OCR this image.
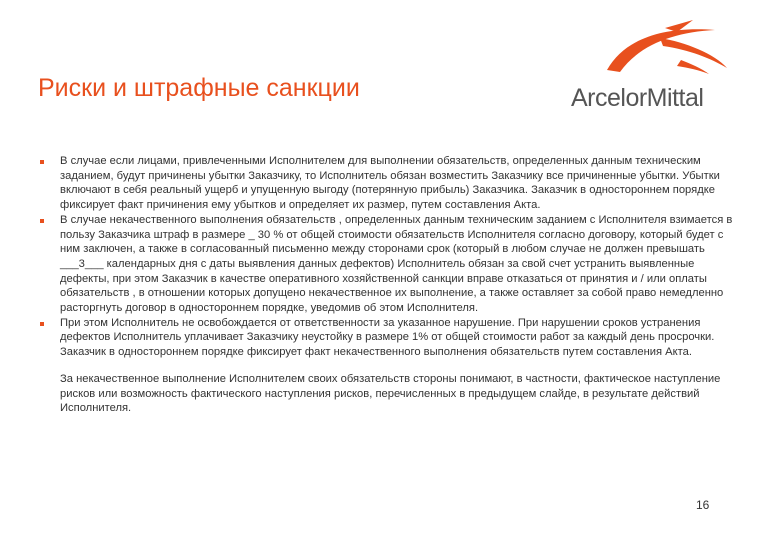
Риски и штрафные санкции	ArcelorMittal
В случае если лицами, привлеченными Исполнителем для выполнении обязательств, определенных данным техническим заданием, будут причинены убытки Заказчику, то Исполнитель обязан возместить Заказчику все причиненные убытки. Убытки включают в себя реальный ущерб и упущенную выгоду (потерянную прибыль) Заказчика. Заказчик в одностороннем порядке фиксирует факт причинения ему убытков и определяет их размер, путем составления Акта.
В случае некачественного выполнения обязательств , определенных данным техническим заданием с Исполнителя взимается в пользу Заказчика штраф в размере _ 30 % от общей стоимости обязательств Исполнителя согласно договору, который будет с ним заключен, а также в согласованный письменно между сторонами срок (который в любом случае не должен превышать ___3___ календарных дня с даты выявления данных дефектов) Исполнитель обязан за свой счет устранить выявленные дефекты, при этом Заказчик в качестве оперативного хозяйственной санкции вправе отказаться от принятия и / или оплаты обязательств , в отношении которых допущено некачественное их выполнение, а также оставляет за собой право немедленно расторгнуть договор в одностороннем порядке, уведомив об этом Исполнителя.
При этом Исполнитель не освобождается от ответственности за указанное нарушение. При нарушении сроков устранения дефектов Исполнитель уплачивает Заказчику неустойку в размере 1% от общей стоимости работ за каждый день просрочки. Заказчик в одностороннем порядке фиксирует факт некачественного выполнения обязательств путем составления Акта.
За некачественное выполнение Исполнителем своих обязательств стороны понимают, в частности, фактическое наступление рисков или возможность фактического наступления рисков, перечисленных в предыдущем слайде, в результате действий Исполнителя.
16
